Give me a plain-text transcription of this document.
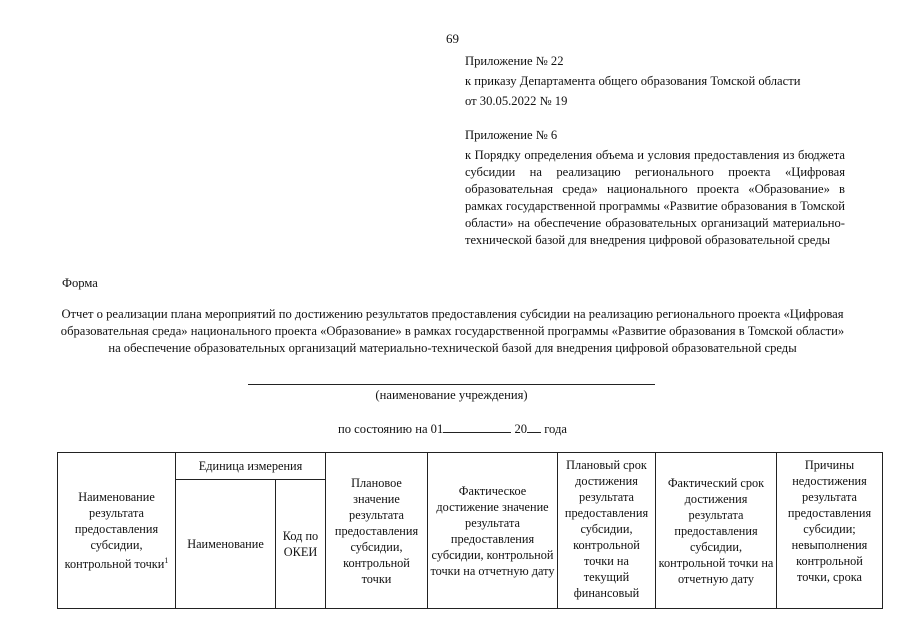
69
Приложение № 22
к приказу Департамента общего образования Томской области
от 30.05.2022 № 19
Приложение № 6
к Порядку определения объема и условия предоставления из бюджета субсидии на реализацию регионального проекта «Цифровая образовательная среда» национального проекта «Образование» в рамках государственной программы «Развитие образования в Томской области» на обеспечение образовательных организаций материально-технической базой для внедрения цифровой образовательной среды
Форма
Отчет о реализации плана мероприятий по достижению результатов предоставления субсидии на реализацию регионального проекта «Цифровая образовательная среда» национального проекта «Образование» в рамках государственной программы «Развитие образования в Томской области» на обеспечение образовательных организаций материально-технической базой для внедрения цифровой образовательной среды
(наименование учреждения)
по состоянию на 01	20 года
Наименование результата предоставления субсидии, контрольной точки$^1$	Единица измерения		Плановое значение результата предоставления субсидии, контрольной точки	Фактическое достижение значение результата предоставления субсидии, контрольной точки на отчетную дату	Плановый срок достижения результата предоставления субсидии, контрольной точки на текущий финансовый	Фактический срок достижения результата предоставления субсидии, контрольной точки на отчетную дату	Причины недостижения результата предоставления субсидии; невыполнения контрольной точки, срока
	Наименование	Код по ОКЕИ					
